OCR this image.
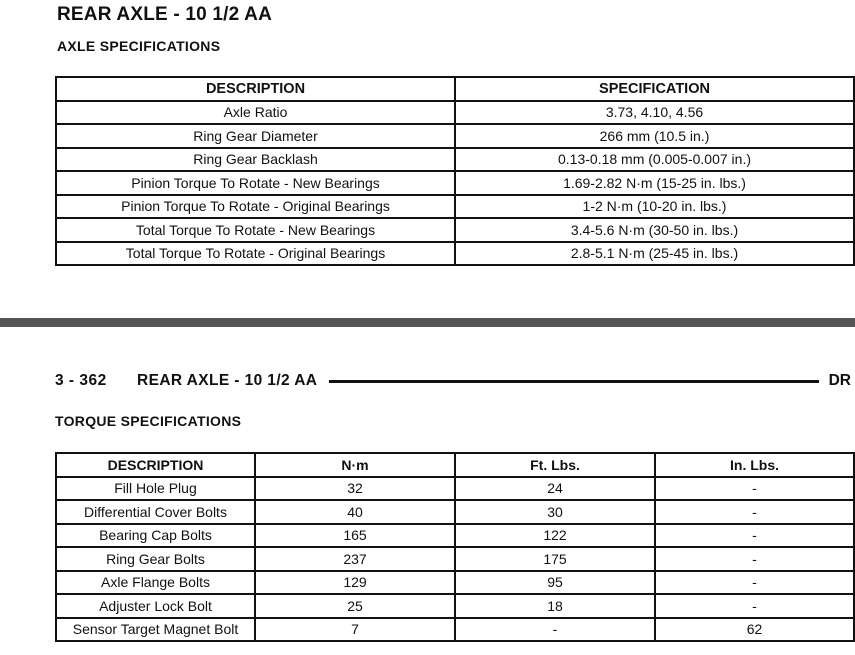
REAR AXLE - 10 1/2 AA
AXLE SPECIFICATIONS
DESCRIPTION	SPECIFICATION
Axle Ratio	3.73, 4.10, 4.56
Ring Gear Diameter	266 mm (10.5 in.)
Ring Gear Backlash	0.13-0.18 mm (0.005-0.007 in.)
Pinion Torque To Rotate - New Bearings	1.69-2.82 N·m (15-25 in. lbs.)
Pinion Torque To Rotate - Original Bearings	1-2 N·m (10-20 in. lbs.)
Total Torque To Rotate - New Bearings	3.4-5.6 N·m (30-50 in. lbs.)
Total Torque To Rotate - Original Bearings	2.8-5.1 N·m (25-45 in. lbs.)
3 - 362 REAR AXLE - 10 1/2 AA	DR
TORQUE SPECIFICATIONS
DESCRIPTION	N·m	Ft. Lbs.	In. Lbs.
Fill Hole Plug	32	24	-
Differential Cover Bolts	40	30	-
Bearing Cap Bolts	165	122	-
Ring Gear Bolts	237	175	-
Axle Flange Bolts	129	95	-
Adjuster Lock Bolt	25	18	-
Sensor Target Magnet Bolt	7	-	62
